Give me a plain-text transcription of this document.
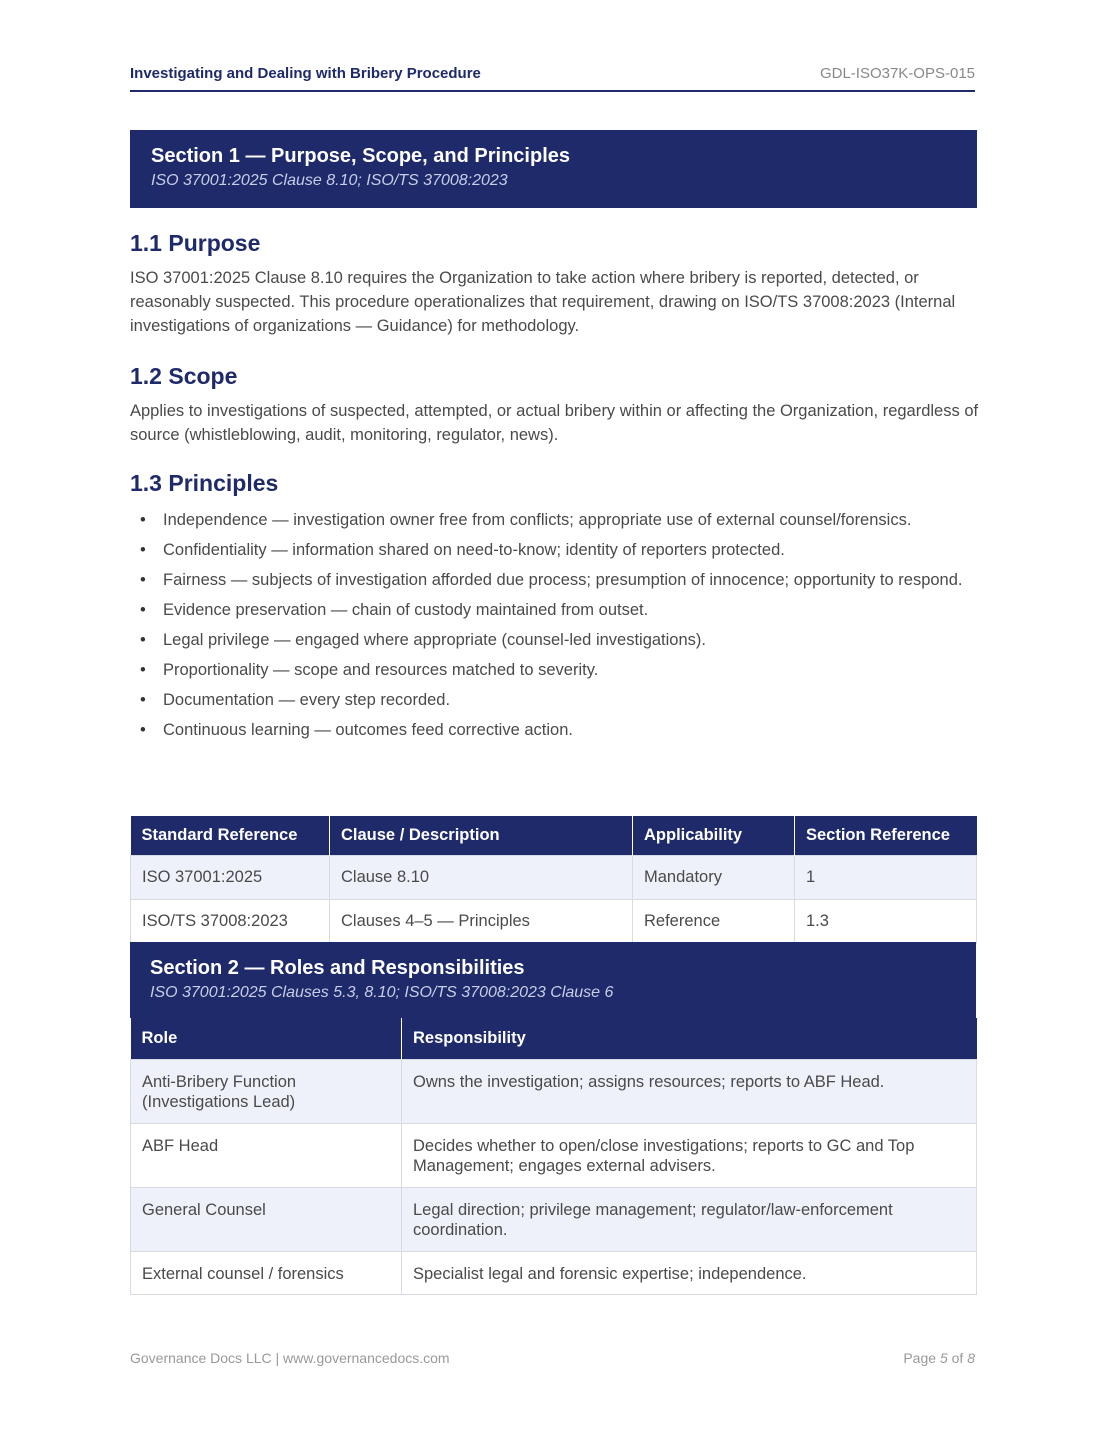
Investigating and Dealing with Bribery Procedure	GDL-ISO37K-OPS-015
Section 1 — Purpose, Scope, and Principles
ISO 37001:2025 Clause 8.10; ISO/TS 37008:2023
1.1 Purpose

ISO 37001:2025 Clause 8.10 requires the Organization to take action where bribery is reported, detected, or reasonably suspected. This procedure operationalizes that requirement, drawing on ISO/TS 37008:2023 (Internal investigations of organizations — Guidance) for methodology.

1.2 Scope

Applies to investigations of suspected, attempted, or actual bribery within or affecting the Organization, regardless of source (whistleblowing, audit, monitoring, regulator, news).

1.3 Principles
• Independence — investigation owner free from conflicts; appropriate use of external counsel/forensics.
• Confidentiality — information shared on need-to-know; identity of reporters protected.
• Fairness — subjects of investigation afforded due process; presumption of innocence; opportunity to respond.
• Evidence preservation — chain of custody maintained from outset.
• Legal privilege — engaged where appropriate (counsel-led investigations).
• Proportionality — scope and resources matched to severity.
• Documentation — every step recorded.
• Continuous learning — outcomes feed corrective action.
Standard Reference	Clause / Description	Applicability	Section Reference
ISO 37001:2025	Clause 8.10	Mandatory	1
ISO/TS 37008:2023	Clauses 4–5 — Principles	Reference	1.3
Section 2 — Roles and Responsibilities
ISO 37001:2025 Clauses 5.3, 8.10; ISO/TS 37008:2023 Clause 6
Role	Responsibility
Anti-Bribery Function (Investigations Lead)	Owns the investigation; assigns resources; reports to ABF Head.
ABF Head	Decides whether to open/close investigations; reports to GC and Top Management; engages external advisers.
General Counsel	Legal direction; privilege management; regulator/law-enforcement coordination.
External counsel / forensics	Specialist legal and forensic expertise; independence.
Governance Docs LLC | www.governancedocs.com	Page 5 of 8
